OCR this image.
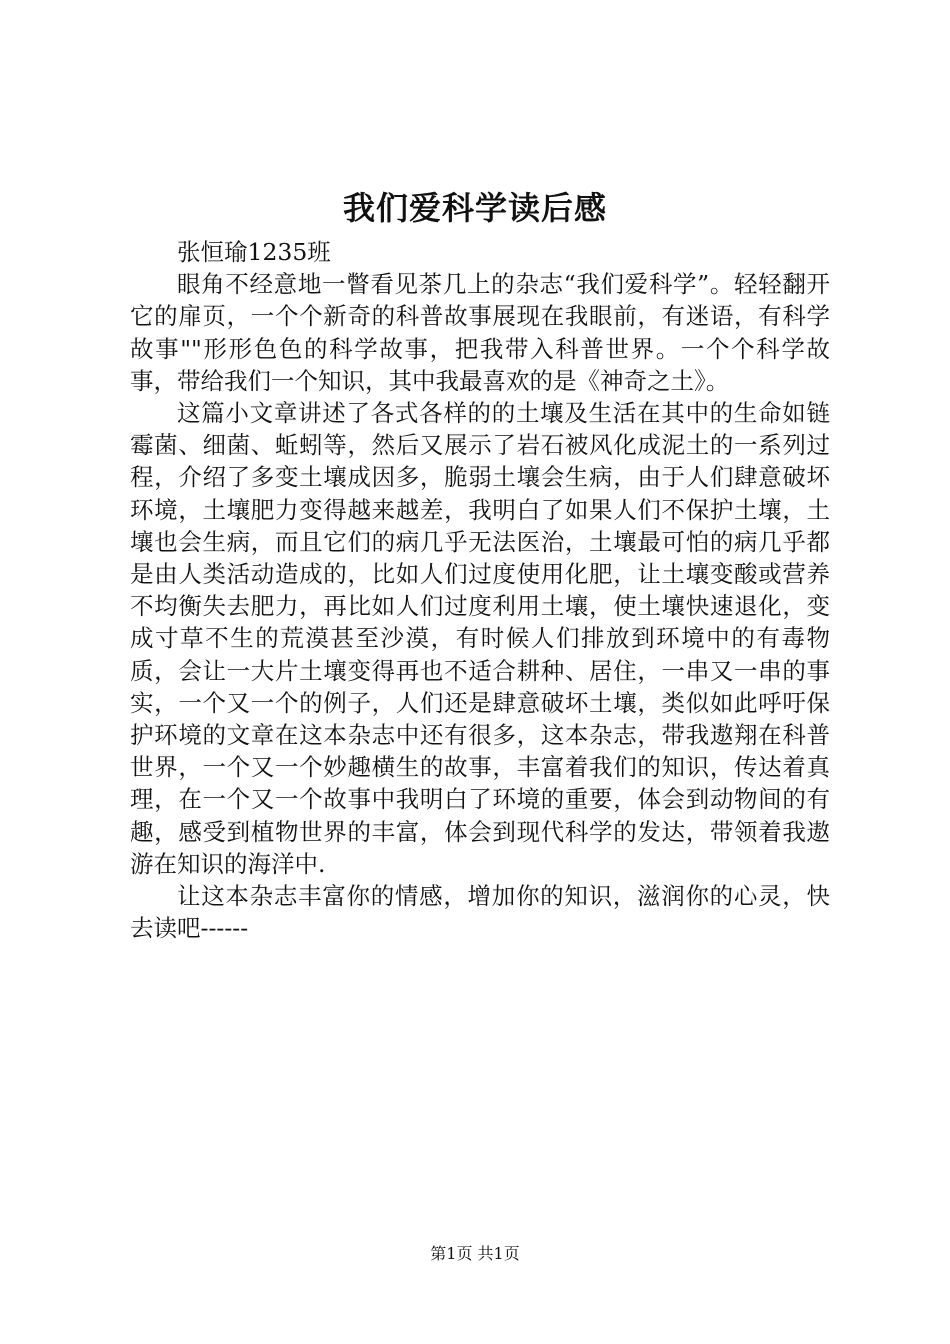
我们爱科学读后感

张恒瑜1235班

眼角不经意地一瞥看见茶几上的杂志“我们爱科学”。轻轻翻开它的扉页，一个个新奇的科普故事展现在我眼前，有迷语，有科学故事""形形色色的科学故事，把我带入科普世界。一个个科学故事，带给我们一个知识，其中我最喜欢的是《神奇之土》。

这篇小文章讲述了各式各样的的土壤及生活在其中的生命如链霉菌、细菌、蚯蚓等，然后又展示了岩石被风化成泥土的一系列过程，介绍了多变土壤成因多，脆弱土壤会生病，由于人们肆意破坏环境，土壤肥力变得越来越差，我明白了如果人们不保护土壤，土壤也会生病，而且它们的病几乎无法医治，土壤最可怕的病几乎都是由人类活动造成的，比如人们过度使用化肥，让土壤变酸或营养不均衡失去肥力，再比如人们过度利用土壤，使土壤快速退化，变成寸草不生的荒漠甚至沙漠，有时候人们排放到环境中的有毒物质，会让一大片土壤变得再也不适合耕种、居住，一串又一串的事实，一个又一个的例子，人们还是肆意破坏土壤，类似如此呼吁保护环境的文章在这本杂志中还有很多，这本杂志，带我遨翔在科普世界，一个又一个妙趣横生的故事，丰富着我们的知识，传达着真理，在一个又一个故事中我明白了环境的重要，体会到动物间的有趣，感受到植物世界的丰富，体会到现代科学的发达，带领着我遨游在知识的海洋中.

让这本杂志丰富你的情感，增加你的知识，滋润你的心灵，快去读吧------

第1页 共1页
